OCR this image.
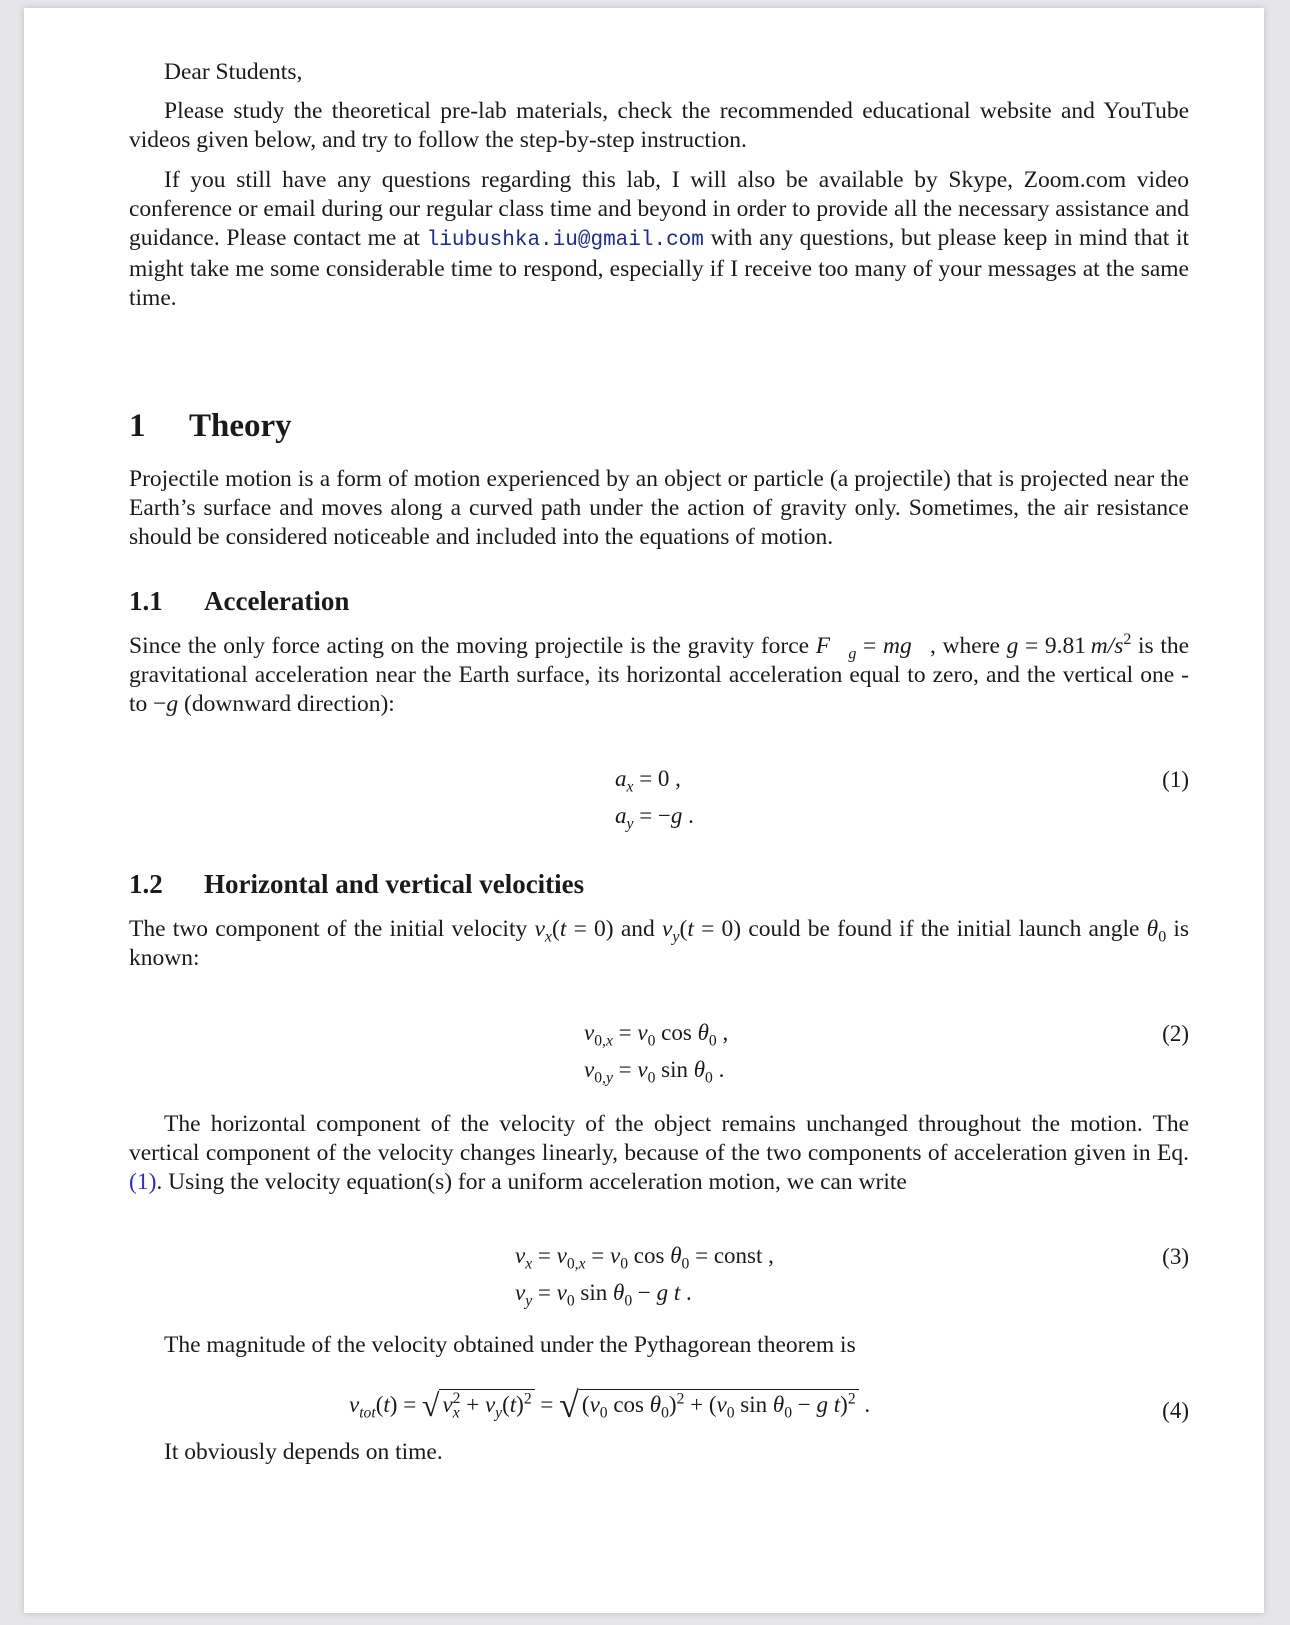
Dear Students,

Please study the theoretical pre-lab materials, check the recommended educational website and YouTube videos given below, and try to follow the step-by-step instruction.

If you still have any questions regarding this lab, I will also be available by Skype, Zoom.com video conference or email during our regular class time and beyond in order to provide all the necessary assistance and guidance. Please contact me at liubushka.iu@gmail.com with any questions, but please keep in mind that it might take me some considerable time to respond, especially if I receive too many of your messages at the same time.

1 Theory

Projectile motion is a form of motion experienced by an object or particle (a projectile) that is projected near the Earth’s surface and moves along a curved path under the action of gravity only. Sometimes, the air resistance should be considered noticeable and included into the equations of motion.

1.1 Acceleration

Since the only force acting on the moving projectile is the gravity force $F⃗_g$ = mg⃗, where g = 9.81 $m/s^2$ is the gravitational acceleration near the Earth surface, its horizontal acceleration equal to zero, and the vertical one - to −g (downward direction):

$a_x = 0$ ,
$a_y = -g$ .
(1)
1.2 Horizontal and vertical velocities

The two component of the initial velocity $v_x(t = 0)$ and $v_y(t = 0)$ could be found if the initial launch angle $\theta_0$ is known:

$v_{0,x} = v_0$ $\cos \theta_0$ ,
$v_{0,y} = v_0$ $\sin \theta_0$ .
(2)

The horizontal component of the velocity of the object remains unchanged throughout the motion. The vertical component of the velocity changes linearly, because of the two components of acceleration given in Eq. (1). Using the velocity equation(s) for a uniform acceleration motion, we can write

$v_x = v_{0,x} = v_0$ $\cos \theta_0$ = const ,
$v_y = v_0$ $\sin \theta_0 - g$ t .
(3)

The magnitude of the velocity obtained under the Pythagorean theorem is

$v_{tot}(t)$ = √ $v_x^2 + v_y(t)^2$ = √ ($v_0$ $\cos \theta_0)^2 + (v_0$ $\sin \theta_0 - g$ t)$^2$ .	(4)

It obviously depends on time.
